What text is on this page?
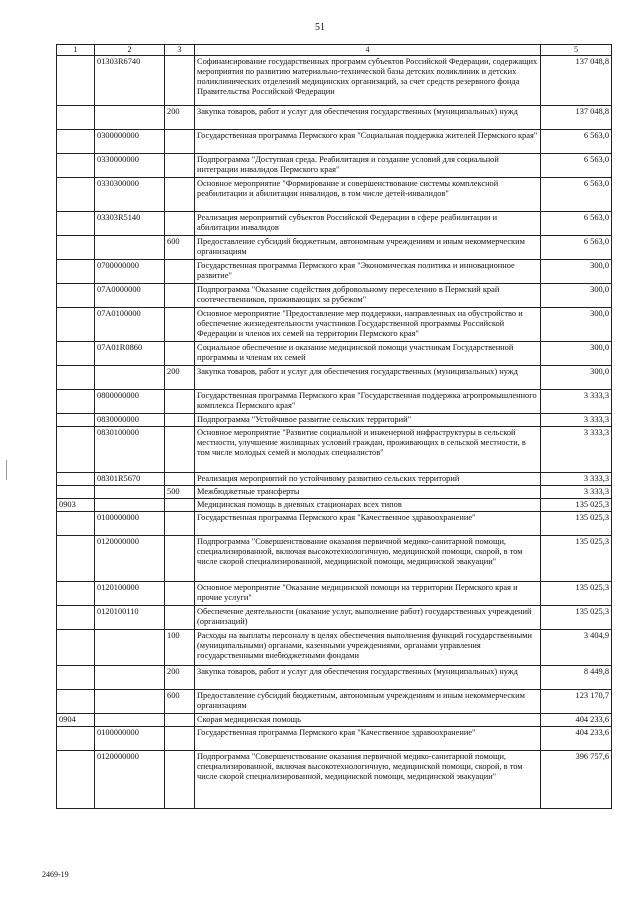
51
1	2	3	4	5
	01303R6740		Софинансирование государственных программ субъектов Российской Федерации, содержащих мероприятия по развитию материально-технической базы детских поликлиник и детских поликлинических отделений медицинских организаций, за счет средств резервного фонда Правительства Российской Федерации	137 048,8
		200	Закупка товаров, работ и услуг для обеспечения государственных (муниципальных) нужд	137 048,8
	0300000000		Государственная программа Пермского края "Социальная поддержка жителей Пермского края"	6 563,0
	0330000000		Подпрограмма "Доступная среда. Реабилитация и создание условий для социальной интеграции инвалидов Пермского края"	6 563,0
	0330300000		Основное мероприятие "Формирование и совершенствование системы комплексной реабилитации и абилитации инвалидов, в том числе детей-инвалидов"	6 563,0
	03303R5140		Реализация мероприятий субъектов Российской Федерации в сфере реабилитации и абилитации инвалидов	6 563,0
		600	Предоставление субсидий бюджетным, автономным учреждениям и иным некоммерческим организациям	6 563,0
	0700000000		Государственная программа Пермского края "Экономическая политика и инновационное развитие"	300,0
	07А0000000		Подпрограмма "Оказание содействия добровольному переселению в Пермский край соотечественников, проживающих за рубежом"	300,0
	07А0100000		Основное мероприятие "Предоставление мер поддержки, направленных на обустройство и обеспечение жизнедеятельности участников Государственной программы Российской Федерации и членов их семей на территории Пермского края"	300,0
	07А01R0860		Социальное обеспечение и оказание медицинской помощи участникам Государственной программы и членам их семей	300,0
		200	Закупка товаров, работ и услуг для обеспечения государственных (муниципальных) нужд	300,0
	0800000000		Государственная программа Пермского края "Государственная поддержка агропромышленного комплекса Пермского края"	3 333,3
	0830000000		Подпрограмма "Устойчивое развитие сельских территорий"	3 333,3
	0830100000		Основное мероприятие "Развитие социальной и инженерной инфраструктуры в сельской местности, улучшение жилищных условий граждан, проживающих в сельской местности, в том числе молодых семей и молодых специалистов"	3 333,3
	08301R5670		Реализация мероприятий по устойчивому развитию сельских территорий	3 333,3
		500	Межбюджетные трансферты	3 333,3
0903			Медицинская помощь в дневных стационарах всех типов	135 025,3
	0100000000		Государственная программа Пермского края "Качественное здравоохранение"	135 025,3
	0120000000		Подпрограмма "Совершенствование оказания первичной медико-санитарной помощи, специализированной, включая высокотехнологичную, медицинской помощи, скорой, в том числе скорой специализированной, медицинской помощи, медицинской эвакуации"	135 025,3
	0120100000		Основное мероприятие "Оказание медицинской помощи на территории Пермского края и прочие услуги"	135 025,3
	0120100110		Обеспечение деятельности (оказание услуг, выполнение работ) государственных учреждений (организаций)	135 025,3
		100	Расходы на выплаты персоналу в целях обеспечения выполнения функций государственными (муниципальными) органами, казенными учреждениями, органами управления государственными внебюджетными фондами	3 404,9
		200	Закупка товаров, работ и услуг для обеспечения государственных (муниципальных) нужд	8 449,8
		600	Предоставление субсидий бюджетным, автономным учреждениям и иным некоммерческим организациям	123 170,7
0904			Скорая медицинская помощь	404 233,6
	0100000000		Государственная программа Пермского края "Качественное здравоохранение"	404 233,6
	0120000000		Подпрограмма "Совершенствование оказания первичной медико-санитарной помощи, специализированной, включая высокотехнологичную, медицинской помощи, скорой, в том числе скорой специализированной, медицинской помощи, медицинской эвакуации"	396 757,6
2469-19
